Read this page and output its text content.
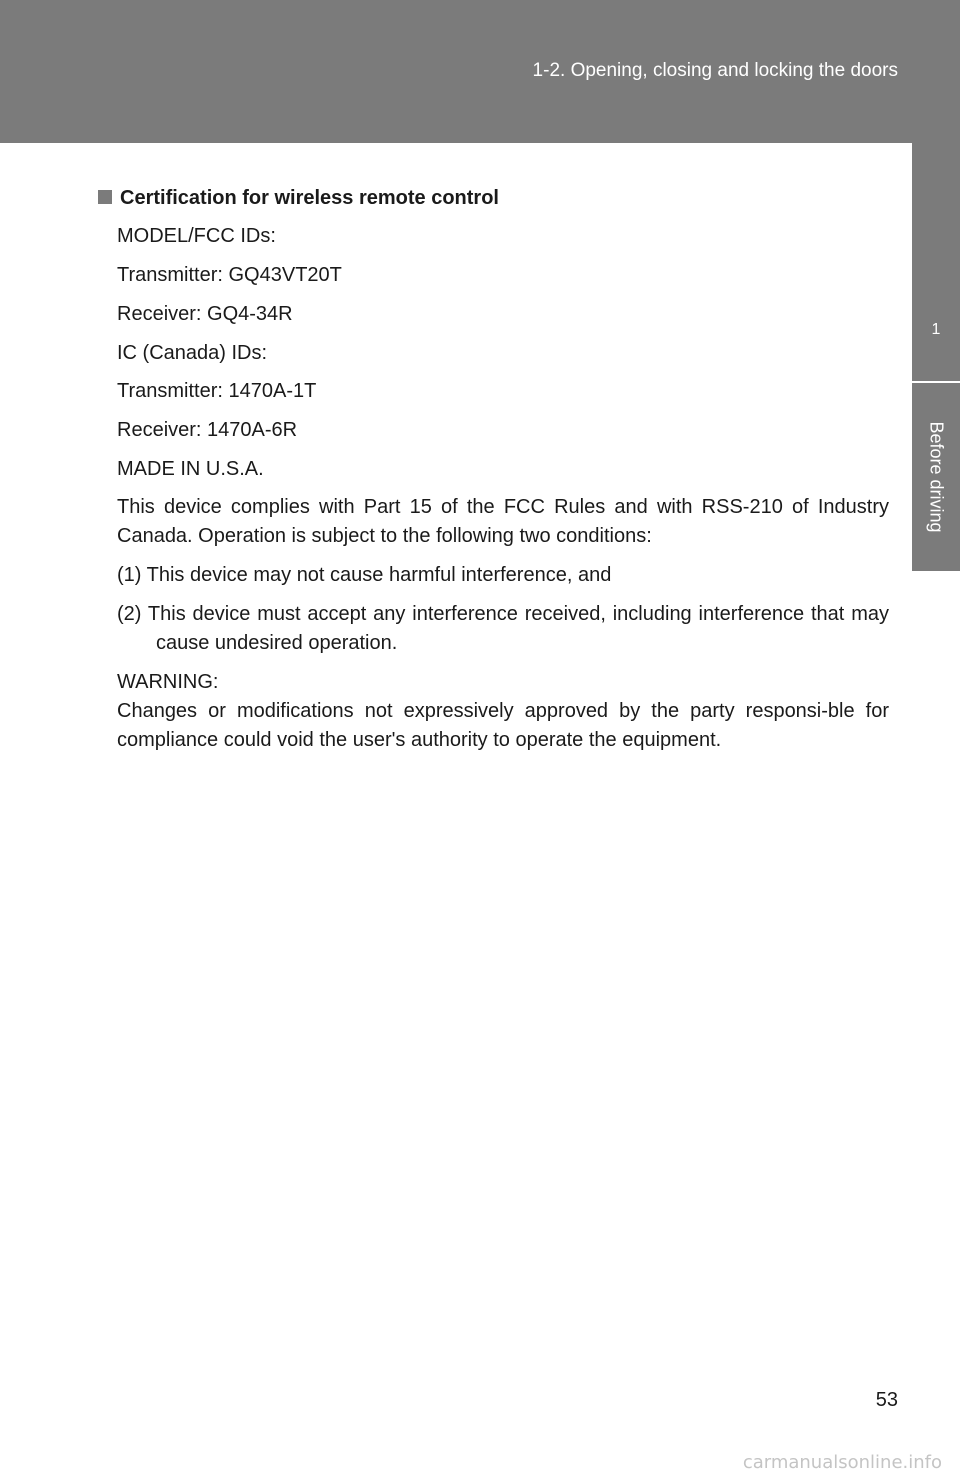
1-2. Opening, closing and locking the doors
1
Before driving
Certification for wireless remote control
MODEL/FCC IDs:
Transmitter: GQ43VT20T
Receiver: GQ4-34R
IC (Canada) IDs:
Transmitter: 1470A-1T
Receiver: 1470A-6R
MADE IN U.S.A.
This device complies with Part 15 of the FCC Rules and with RSS-210 of Industry Canada. Operation is subject to the following two conditions:
(1) This device may not cause harmful interference, and
(2) This device must accept any interference received, including interference that may cause undesired operation.
WARNING:
Changes or modifications not expressively approved by the party responsi-ble for compliance could void the user's authority to operate the equipment.
53
carmanualsonline.info
